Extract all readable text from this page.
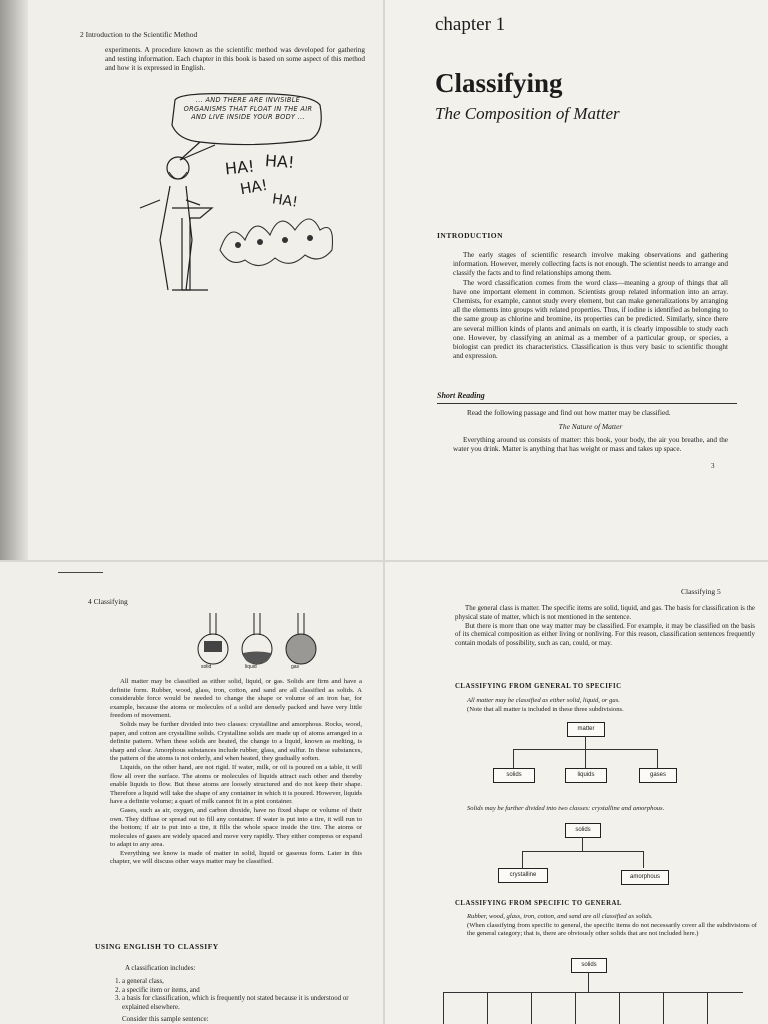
2 Introduction to the Scientific Method
experiments. A procedure known as the scientific method was developed for gathering and testing information. Each chapter in this book is based on some aspect of this method and how it is expressed in English.
... AND THERE ARE INVISIBLE ORGANISMS THAT FLOAT IN THE AIR AND LIVE INSIDE YOUR BODY ...
HA! HA!
HA!
HA!
chapter 1
Classifying
The Composition of Matter
INTRODUCTION

The early stages of scientific research involve making observations and gathering information. However, merely collecting facts is not enough. The scientist needs to arrange and classify the facts and to find relationships among them.

The word classification comes from the word class—meaning a group of things that all have one important element in common. Scientists group related information into an array. Chemists, for example, cannot study every element, but can make generalizations by arranging all the elements into groups with related properties. Thus, if iodine is identified as belonging to the same group as chlorine and bromine, its properties can be predicted. Similarly, since there are several million kinds of plants and animals on earth, it is clearly impossible to study each one. However, by classifying an animal as a member of a particular group, or species, a biologist can predict its characteristics. Classification is thus very basic to scientific thought and expression.

Short Reading
Read the following passage and find out how matter may be classified.
The Nature of Matter

Everything around us consists of matter: this book, your body, the air you breathe, and the water you drink. Matter is anything that has weight or mass and takes up space.

3
4 Classifying
solid	liquid	gas

All matter may be classified as either solid, liquid, or gas. Solids are firm and have a definite form. Rubber, wood, glass, iron, cotton, and sand are all classified as solids. A considerable force would be needed to change the shape or volume of an iron bar, for example, because the atoms or molecules of a solid are densely packed and have very little freedom of movement.

Solids may be further divided into two classes: crystalline and amorphous. Rocks, wood, paper, and cotton are crystalline solids. Crystalline solids are made up of atoms arranged in a definite pattern. When these solids are heated, the change to a liquid, known as melting, is sharp and clear. Amorphous substances include rubber, glass, and sulfur. In these substances, the pattern of the atoms is not orderly, and when heated, they gradually soften.

Liquids, on the other hand, are not rigid. If water, milk, or oil is poured on a table, it will flow all over the surface. The atoms or molecules of liquids attract each other and thereby enable liquids to flow. But these atoms are loosely structured and do not keep their shape. Therefore a liquid will take the shape of any container in which it is poured. However, liquids have a definite volume; a quart of milk cannot fit in a pint container.

Gases, such as air, oxygen, and carbon dioxide, have no fixed shape or volume of their own. They diffuse or spread out to fill any container. If water is put into a tire, it will run to the bottom; if air is put into a tire, it fills the whole space inside the tire. The atoms or molecules of gases are widely spaced and move very rapidly. They either compress or expand to adapt to any area.

Everything we know is made of matter in solid, liquid or gaseous form. Later in this chapter, we will discuss other ways matter may be classified.

USING ENGLISH TO CLASSIFY
A classification includes:
1. a general class,
2. a specific item or items, and
3. a basis for classification, which is frequently not stated because it is understood or explained elsewhere.
Consider this sample sentence:
Classifying 5

The general class is matter. The specific items are solid, liquid, and gas. The basis for classification is the physical state of matter, which is not mentioned in the sentence.

But there is more than one way matter may be classified. For example, it may be classified on the basis of its chemical composition as either living or nonliving. For this reason, classification sentences frequently contain modals of possibility, such as can, could, or may.

CLASSIFYING FROM GENERAL TO SPECIFIC
All matter may be classified as either solid, liquid, or gas.
(Note that all matter is included in these three subdivisions.
matter
solids	liquids	gases
Solids may be further divided into two classes: crystalline and amorphous.
solids
crystalline	amorphous
CLASSIFYING FROM SPECIFIC TO GENERAL
Rubber, wood, glass, iron, cotton, and sand are all classified as solids.
(When classifying from specific to general, the specific items do not necessarily cover all the subdivisions of the general category; that is, there are obviously other solids that are not included here.)
solids
